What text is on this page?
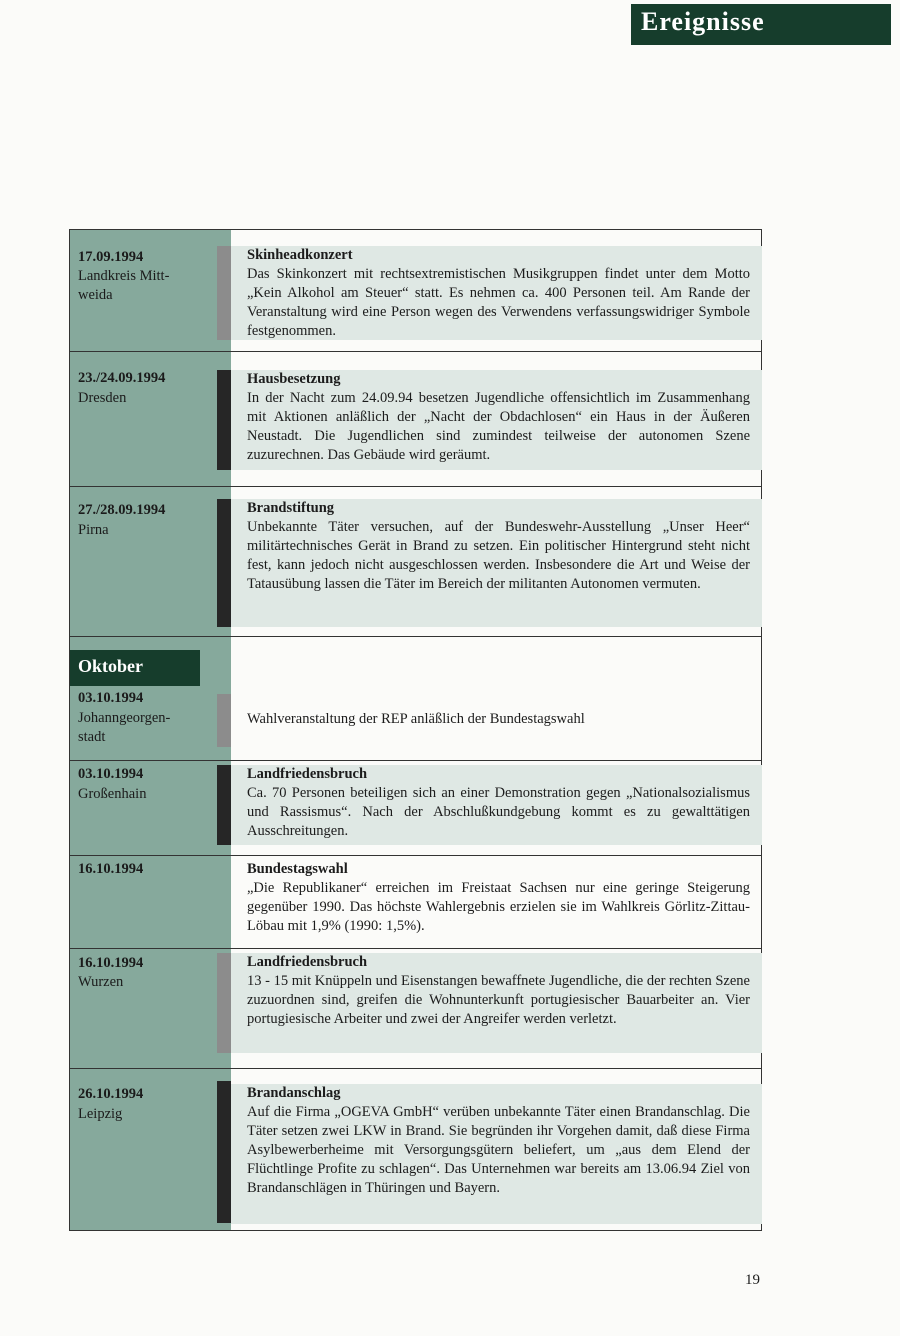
Ereignisse
17.09.1994
Landkreis Mitt-
weida
Skinheadkonzert
Das Skinkonzert mit rechtsextremistischen Musikgruppen findet unter dem Motto „Kein Alkohol am Steuer“ statt. Es nehmen ca. 400 Personen teil. Am Rande der Veranstaltung wird eine Person wegen des Verwendens verfassungswidriger Symbole festgenommen.
23./24.09.1994
Dresden
Hausbesetzung
In der Nacht zum 24.09.94 besetzen Jugendliche offensichtlich im Zusammenhang mit Aktionen anläßlich der „Nacht der Obdachlosen“ ein Haus in der Äußeren Neustadt. Die Jugendlichen sind zumindest teilweise der autonomen Szene zuzurechnen. Das Gebäude wird geräumt.
27./28.09.1994
Pirna
Brandstiftung
Unbekannte Täter versuchen, auf der Bundeswehr-Ausstellung „Unser Heer“ militärtechnisches Gerät in Brand zu setzen. Ein politischer Hintergrund steht nicht fest, kann jedoch nicht ausgeschlossen werden. Insbesondere die Art und Weise der Tatausübung lassen die Täter im Bereich der militanten Autonomen vermuten.
Oktober
03.10.1994
Johanngeorgen-
stadt
Wahlveranstaltung der REP anläßlich der Bundestagswahl
03.10.1994
Großenhain
Landfriedensbruch
Ca. 70 Personen beteiligen sich an einer Demonstration gegen „Nationalsozialismus und Rassismus“. Nach der Abschlußkundgebung kommt es zu gewalttätigen Ausschreitungen.
16.10.1994	Bundestagswahl
„Die Republikaner“ erreichen im Freistaat Sachsen nur eine geringe Steigerung gegenüber 1990. Das höchste Wahlergebnis erzielen sie im Wahlkreis Görlitz-Zittau-Löbau mit 1,9% (1990: 1,5%).
16.10.1994
Wurzen
Landfriedensbruch
13 - 15 mit Knüppeln und Eisenstangen bewaffnete Jugendliche, die der rechten Szene zuzuordnen sind, greifen die Wohnunterkunft portugiesischer Bauarbeiter an. Vier portugiesische Arbeiter und zwei der Angreifer werden verletzt.
26.10.1994
Leipzig
Brandanschlag
Auf die Firma „OGEVA GmbH“ verüben unbekannte Täter einen Brandanschlag. Die Täter setzen zwei LKW in Brand. Sie begründen ihr Vorgehen damit, daß diese Firma Asylbewerberheime mit Versorgungsgütern beliefert, um „aus dem Elend der Flüchtlinge Profite zu schlagen“. Das Unternehmen war bereits am 13.06.94 Ziel von Brandanschlägen in Thüringen und Bayern.
19
